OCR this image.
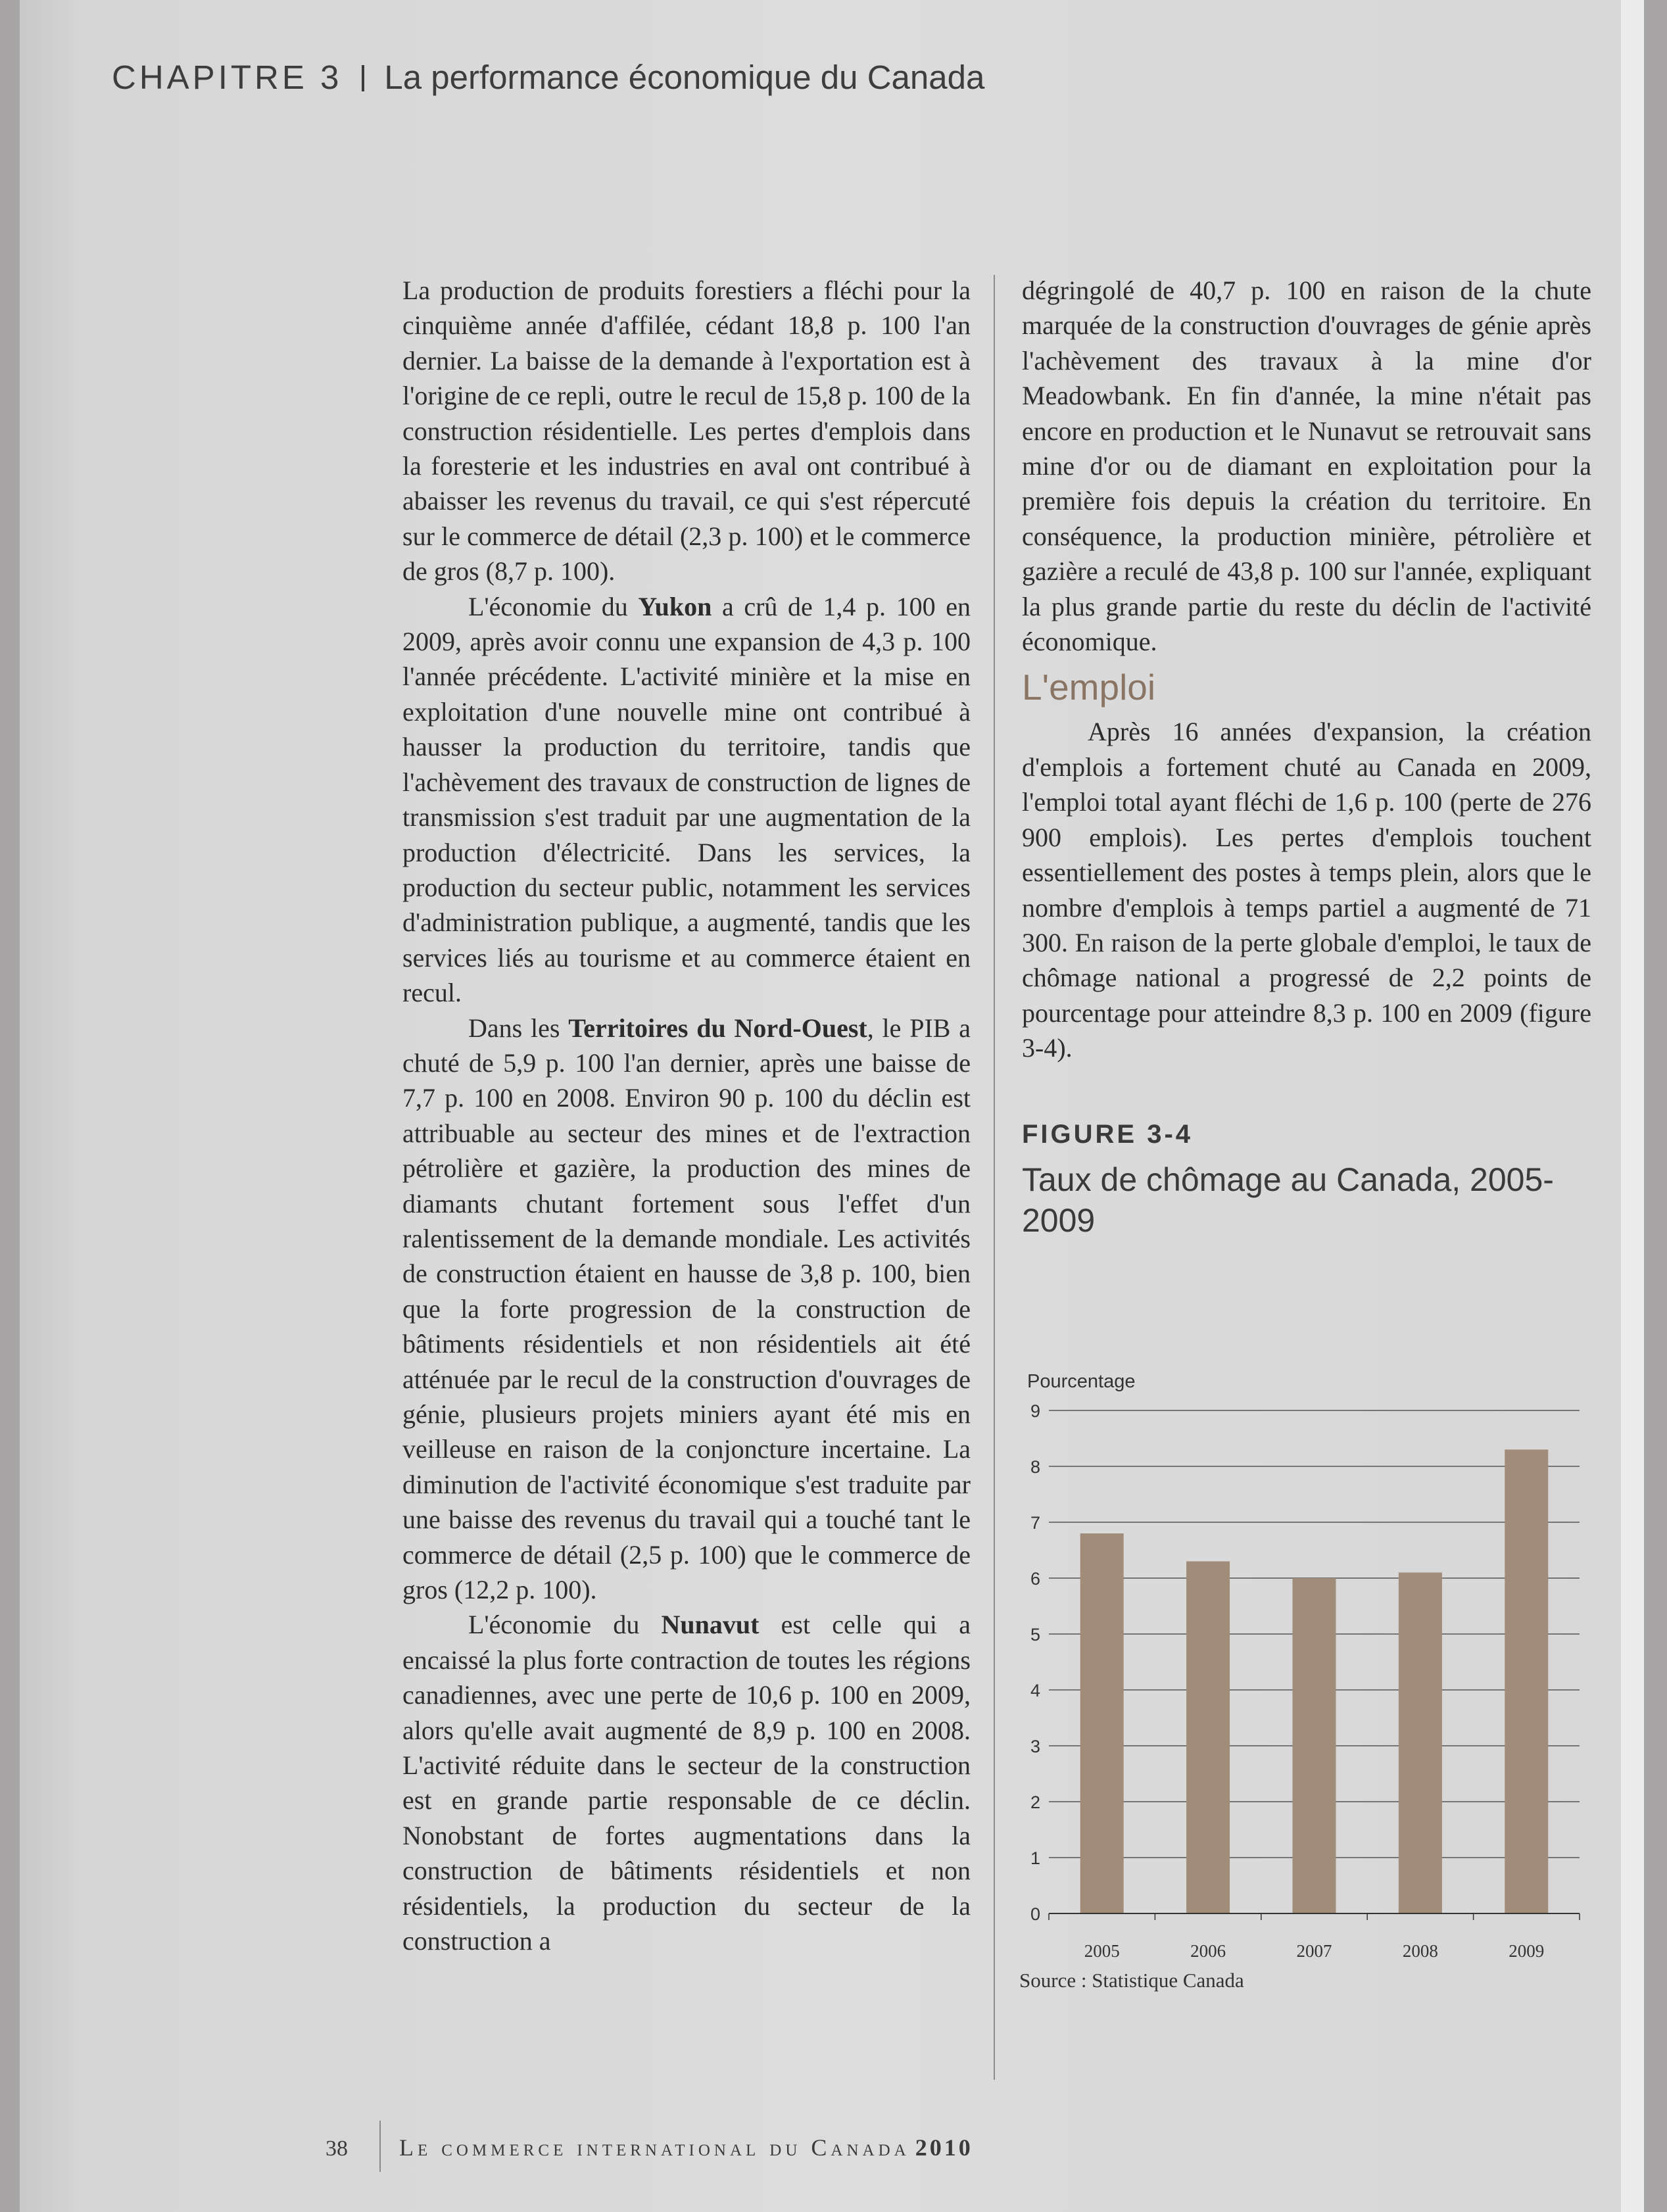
CHAPITRE 3 La performance économique du Canada

La production de produits forestiers a fléchi pour la cinquième année d'affilée, cédant 18,8 p. 100 l'an dernier. La baisse de la demande à l'exportation est à l'origine de ce repli, outre le recul de 15,8 p. 100 de la construction résidentielle. Les pertes d'emplois dans la foresterie et les industries en aval ont contribué à abaisser les revenus du travail, ce qui s'est répercuté sur le commerce de détail (2,3 p. 100) et le commerce de gros (8,7 p. 100).

L'économie du Yukon a crû de 1,4 p. 100 en 2009, après avoir connu une expansion de 4,3 p. 100 l'année précédente. L'activité minière et la mise en exploitation d'une nouvelle mine ont contribué à hausser la production du territoire, tandis que l'achèvement des travaux de construction de lignes de transmission s'est traduit par une augmentation de la production d'électricité. Dans les services, la production du secteur public, notamment les services d'administration publique, a augmenté, tandis que les services liés au tourisme et au commerce étaient en recul.

Dans les Territoires du Nord-Ouest, le PIB a chuté de 5,9 p. 100 l'an dernier, après une baisse de 7,7 p. 100 en 2008. Environ 90 p. 100 du déclin est attribuable au secteur des mines et de l'extraction pétrolière et gazière, la production des mines de diamants chutant fortement sous l'effet d'un ralentissement de la demande mondiale. Les activités de construction étaient en hausse de 3,8 p. 100, bien que la forte progression de la construction de bâtiments résidentiels et non résidentiels ait été atténuée par le recul de la construction d'ouvrages de génie, plusieurs projets miniers ayant été mis en veilleuse en raison de la conjoncture incertaine. La diminution de l'activité économique s'est traduite par une baisse des revenus du travail qui a touché tant le commerce de détail (2,5 p. 100) que le commerce de gros (12,2 p. 100).

L'économie du Nunavut est celle qui a encaissé la plus forte contraction de toutes les régions canadiennes, avec une perte de 10,6 p. 100 en 2009, alors qu'elle avait augmenté de 8,9 p. 100 en 2008. L'activité réduite dans le secteur de la construction est en grande partie responsable de ce déclin. Nonobstant de fortes augmentations dans la construction de bâtiments résidentiels et non résidentiels, la production du secteur de la construction a

dégringolé de 40,7 p. 100 en raison de la chute marquée de la construction d'ouvrages de génie après l'achèvement des travaux à la mine d'or Meadowbank. En fin d'année, la mine n'était pas encore en production et le Nunavut se retrouvait sans mine d'or ou de diamant en exploitation pour la première fois depuis la création du territoire. En conséquence, la production minière, pétrolière et gazière a reculé de 43,8 p. 100 sur l'année, expliquant la plus grande partie du reste du déclin de l'activité économique.

L'emploi

Après 16 années d'expansion, la création d'emplois a fortement chuté au Canada en 2009, l'emploi total ayant fléchi de 1,6 p. 100 (perte de 276 900 emplois). Les pertes d'emplois touchent essentiellement des postes à temps plein, alors que le nombre d'emplois à temps partiel a augmenté de 71 300. En raison de la perte globale d'emploi, le taux de chômage national a progressé de 2,2 points de pourcentage pour atteindre 8,3 p. 100 en 2009 (figure 3-4).

FIGURE 3-4
Taux de chômage au Canada, 2005-2009
Pourcentage
0
1
2
3
4
5
6
7
8
9
2005	2006	2007	2008	2009
Source : Statistique Canada
38 Le commerce international du Canada 2010
